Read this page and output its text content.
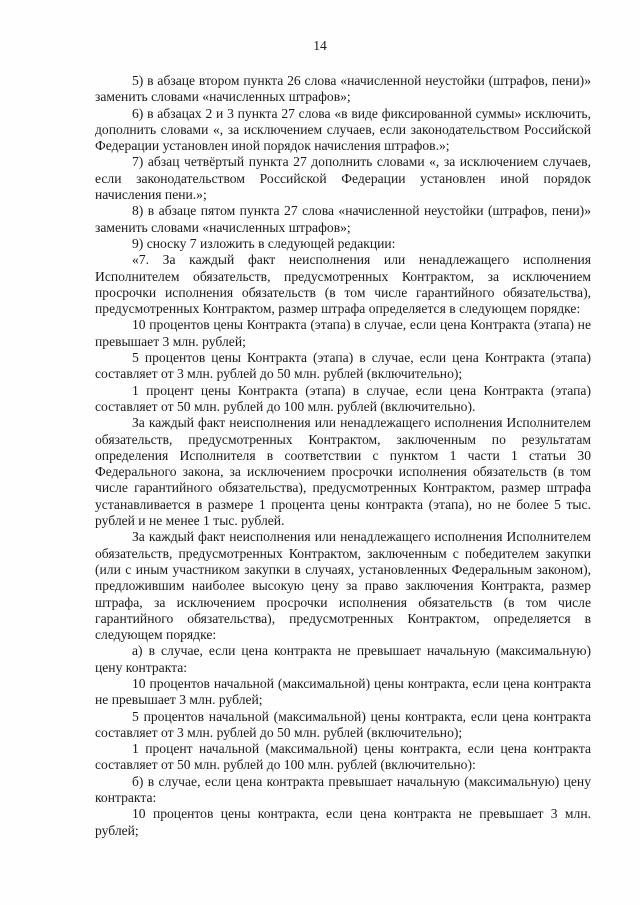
14

5) в абзаце втором пункта 26 слова «начисленной неустойки (штрафов, пени)» заменить словами «начисленных штрафов»;

6) в абзацах 2 и 3 пункта 27 слова «в виде фиксированной суммы» исключить, дополнить словами «, за исключением случаев, если законодательством Российской Федерации установлен иной порядок начисления штрафов.»;

7) абзац четвёртый пункта 27 дополнить словами «, за исключением случаев, если законодательством Российской Федерации установлен иной порядок начисления пени.»;

8) в абзаце пятом пункта 27 слова «начисленной неустойки (штрафов, пени)» заменить словами «начисленных штрафов»;

9) сноску 7 изложить в следующей редакции:

«7. За каждый факт неисполнения или ненадлежащего исполнения Исполнителем обязательств, предусмотренных Контрактом, за исключением просрочки исполнения обязательств (в том числе гарантийного обязательства), предусмотренных Контрактом, размер штрафа определяется в следующем порядке:

10 процентов цены Контракта (этапа) в случае, если цена Контракта (этапа) не превышает 3 млн. рублей;

5 процентов цены Контракта (этапа) в случае, если цена Контракта (этапа) составляет от 3 млн. рублей до 50 млн. рублей (включительно);

1 процент цены Контракта (этапа) в случае, если цена Контракта (этапа) составляет от 50 млн. рублей до 100 млн. рублей (включительно).

За каждый факт неисполнения или ненадлежащего исполнения Исполнителем обязательств, предусмотренных Контрактом, заключенным по результатам определения Исполнителя в соответствии с пунктом 1 части 1 статьи 30 Федерального закона, за исключением просрочки исполнения обязательств (в том числе гарантийного обязательства), предусмотренных Контрактом, размер штрафа устанавливается в размере 1 процента цены контракта (этапа), но не более 5 тыс. рублей и не менее 1 тыс. рублей.

За каждый факт неисполнения или ненадлежащего исполнения Исполнителем обязательств, предусмотренных Контрактом, заключенным с победителем закупки (или с иным участником закупки в случаях, установленных Федеральным законом), предложившим наиболее высокую цену за право заключения Контракта, размер штрафа, за исключением просрочки исполнения обязательств (в том числе гарантийного обязательства), предусмотренных Контрактом, определяется в следующем порядке:

а) в случае, если цена контракта не превышает начальную (максимальную) цену контракта:

10 процентов начальной (максимальной) цены контракта, если цена контракта не превышает 3 млн. рублей;

5 процентов начальной (максимальной) цены контракта, если цена контракта составляет от 3 млн. рублей до 50 млн. рублей (включительно);

1 процент начальной (максимальной) цены контракта, если цена контракта составляет от 50 млн. рублей до 100 млн. рублей (включительно):

б) в случае, если цена контракта превышает начальную (максимальную) цену контракта:

10 процентов цены контракта, если цена контракта не превышает 3 млн. рублей;
